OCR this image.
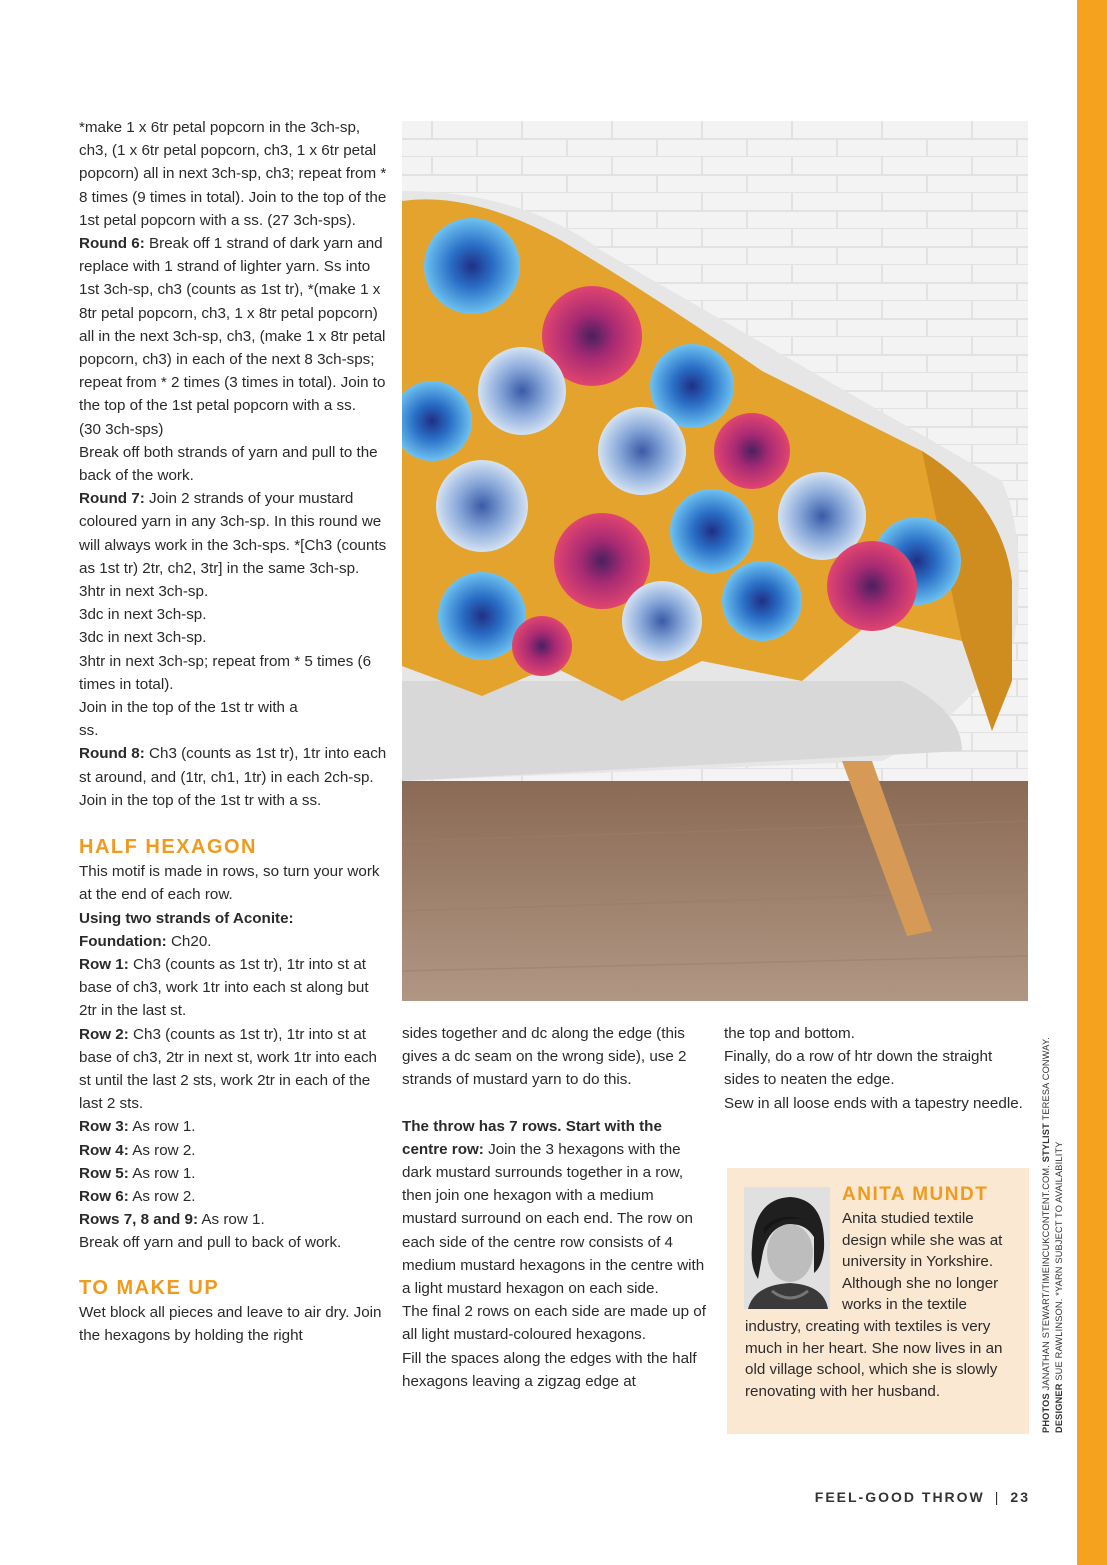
*make 1 x 6tr petal popcorn in the 3ch-sp, ch3, (1 x 6tr petal popcorn, ch3, 1 x 6tr petal popcorn) all in next 3ch-sp, ch3; repeat from * 8 times (9 times in total). Join to the top of the 1st petal popcorn with a ss. (27 3ch-sps).

Round 6: Break off 1 strand of dark yarn and replace with 1 strand of lighter yarn. Ss into 1st 3ch-sp, ch3 (counts as 1st tr), *(make 1 x 8tr petal popcorn, ch3, 1 x 8tr petal popcorn) all in the next 3ch-sp, ch3, (make 1 x 8tr petal popcorn, ch3) in each of the next 8 3ch-sps; repeat from * 2 times (3 times in total). Join to the top of the 1st petal popcorn with a ss.

(30 3ch-sps)

Break off both strands of yarn and pull to the back of the work.

Round 7: Join 2 strands of your mustard coloured yarn in any 3ch-sp. In this round we will always work in the 3ch-sps. *[Ch3 (counts as 1st tr) 2tr, ch2, 3tr] in the same 3ch-sp.

3htr in next 3ch-sp.

3dc in next 3ch-sp.

3dc in next 3ch-sp.

3htr in next 3ch-sp; repeat from * 5 times (6 times in total).

Join in the top of the 1st tr with a ss.

Round 8: Ch3 (counts as 1st tr), 1tr into each st around, and (1tr, ch1, 1tr) in each 2ch-sp. Join in the top of the 1st tr with a ss.

HALF HEXAGON

This motif is made in rows, so turn your work at the end of each row.

Using two strands of Aconite:

Foundation: Ch20.

Row 1: Ch3 (counts as 1st tr), 1tr into st at base of ch3, work 1tr into each st along but 2tr in the last st.

Row 2: Ch3 (counts as 1st tr), 1tr into st at base of ch3, 2tr in next st, work 1tr into each st until the last 2 sts, work 2tr in each of the last 2 sts.

Row 3: As row 1.

Row 4: As row 2.

Row 5: As row 1.

Row 6: As row 2.

Rows 7, 8 and 9: As row 1.

Break off yarn and pull to back of work.

TO MAKE UP

Wet block all pieces and leave to air dry. Join the hexagons by holding the right

sides together and dc along the edge (this gives a dc seam on the wrong side), use 2 strands of mustard yarn to do this.

The throw has 7 rows. Start with the centre row: Join the 3 hexagons with the dark mustard surrounds together in a row, then join one hexagon with a medium mustard surround on each end. The row on each side of the centre row consists of 4 medium mustard hexagons in the centre with a light mustard hexagon on each side.

The final 2 rows on each side are made up of all light mustard-coloured hexagons.

Fill the spaces along the edges with the half hexagons leaving a zigzag edge at

the top and bottom.

Finally, do a row of htr down the straight sides to neaten the edge.

Sew in all loose ends with a tapestry needle.

ANITA MUNDT

Anita studied textile design while she was at university in Yorkshire. Although she no longer works in the textile industry, creating with textiles is very much in her heart. She now lives in an old village school, which she is slowly renovating with her husband.

PHOTOS JANATHAN STEWART/TIMEINCUKCONTENT.COM. STYLIST TERESA CONWAY.
DESIGNER SUE RAWLINSON. *YARN SUBJECT TO AVAILABILITY
FEEL-GOOD THROW | 23
